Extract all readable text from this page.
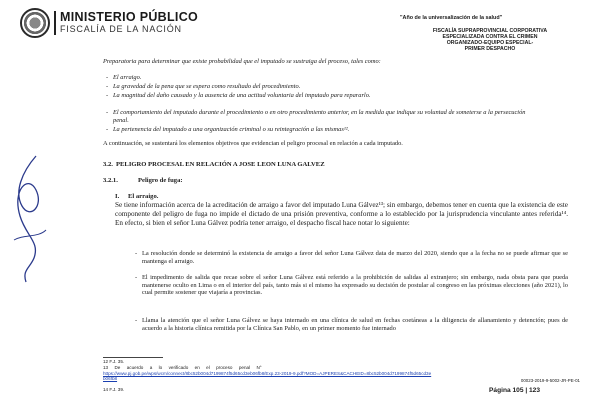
MINISTERIO PÚBLICO
FISCALÍA DE LA NACIÓN
"Año de la universalización de la salud"
FISCALÍA SUPRAPROVINCIAL CORPORATIVA
ESPECIALIZADA CONTRA EL CRIMEN
ORGANIZADO-EQUIPO ESPECIAL-
PRIMER DESPACHO
Preparatoria para determinar que existe probabilidad que el imputado se sustraiga del proceso, tales como:
- El arraigo.
- La gravedad de la pena que se espera como resultado del procedimiento.
- La magnitud del daño causado y la ausencia de una actitud voluntaria del imputado para repararlo.
- El comportamiento del imputado durante el procedimiento o en otro procedimiento anterior, en la medida que indique su voluntad de someterse a la persecución penal.
- La pertenencia del imputado a una organización criminal o su reintegración a las mismas¹².
A continuación, se sustentará los elementos objetivos que evidencian el peligro procesal en relación a cada imputado.
3.2. PELIGRO PROCESAL EN RELACIÓN A JOSE LEON LUNA GALVEZ
3.2.1.	Peligro de fuga:
I. El arraigo.
Se tiene información acerca de la acreditación de arraigo a favor del imputado Luna Gálvez¹³; sin embargo, debemos tener en cuenta que la existencia de este componente del peligro de fuga no impide el dictado de una prisión preventiva, conforme a lo establecido por la jurisprudencia vinculante antes referida¹⁴. En efecto, si bien el señor Luna Gálvez podría tener arraigo, el despacho fiscal hace notar lo siguiente:
- La resolución donde se determinó la existencia de arraigo a favor del señor Luna Gálvez data de marzo del 2020, siendo que a la fecha no se puede afirmar que se mantenga el arraigo.
- El impedimento de salida que recae sobre el señor Luna Gálvez está referido a la prohibición de salidas al extranjero; sin embargo, nada obsta para que pueda mantenerse oculto en Lima o en el interior del país, tanto más si el mismo ha expresado su decisión de postular al congreso en las próximas elecciones (año 2021), lo cual permite sostener que viajaría a provincias.
- Llama la atención que el señor Luna Gálvez se haya internado en una clínica de salud en fechas coetáneas a la diligencia de allanamiento y detención; pues de acuerdo a la historia clínica remitida por la Clínica San Pablo, en un primer momento fue internado
12 F.J. 35.
13     De     acuerdo     a     lo     verificado     en     el     proceso     penal     N°
00023-2019-9-5002-JR-PE-01
https://www.pj.gob.pe/wps/wcm/connect/8bc52b004d7199874f5d65cd3eb06fb8/Exp.23-2019-9.pdf?MOD=AJPERES&CACHEID=8bc52b004d7199874f5d65cd3eb06fb8
14 F.J. 39.	Página 105 | 123
